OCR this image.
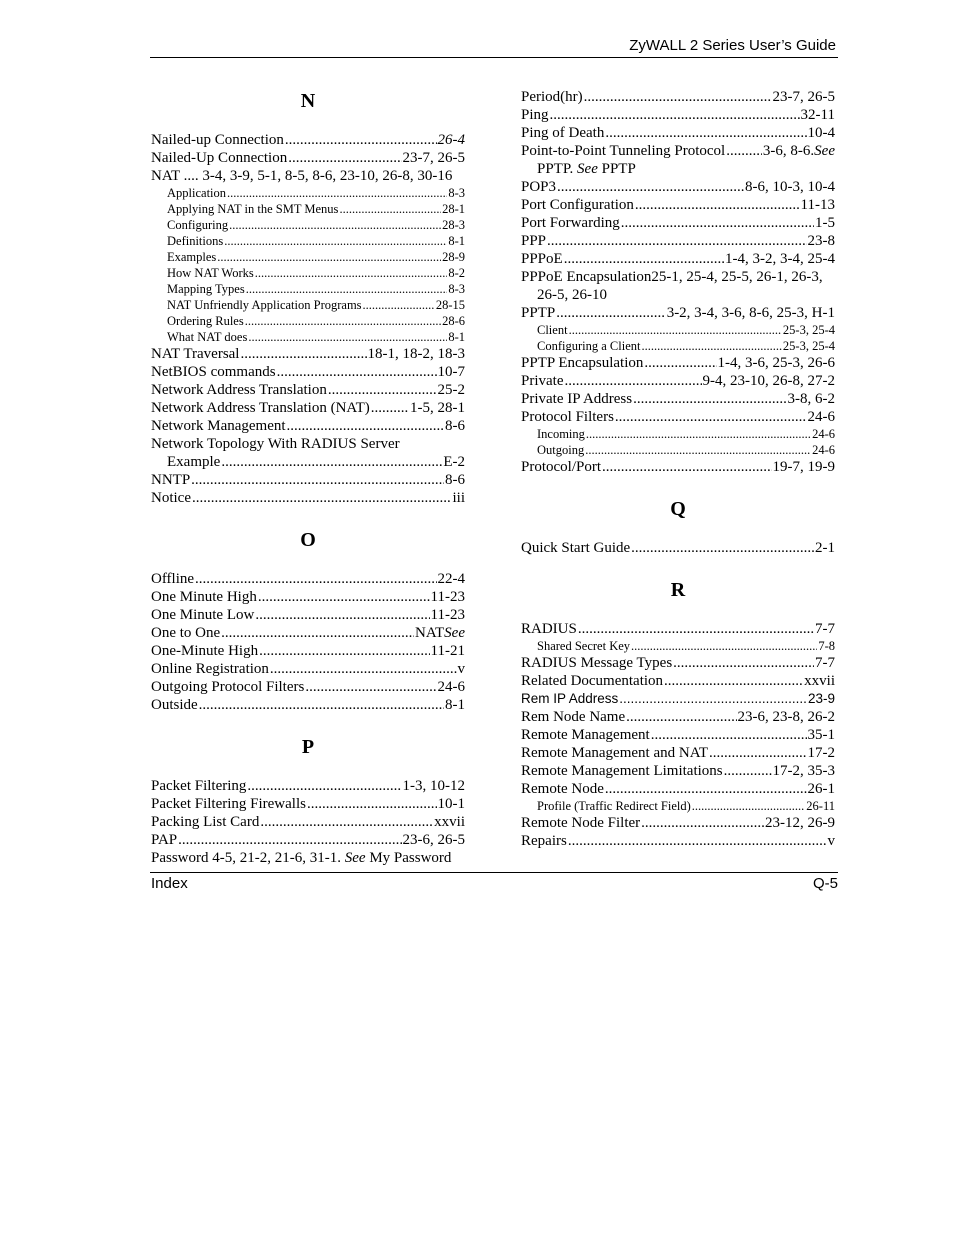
ZyWALL 2 Series User’s Guide
N
Nailed-up Connection .....	26-4
Nailed-Up Connection .....	23-7, 26-5
NAT .... 3-4, 3-9, 5-1, 8-5, 8-6, 23-10, 26-8, 30-16
Application .....	8-3
Applying NAT in the SMT Menus .....	28-1
Configuring .....	28-3
Definitions .....	8-1
Examples .....	28-9
How NAT Works .....	8-2
Mapping Types .....	8-3
NAT Unfriendly Application Programs .....	28-15
Ordering Rules .....	28-6
What NAT does .....	8-1
NAT Traversal .....	18-1, 18-2, 18-3
NetBIOS commands .....	10-7
Network Address Translation .....	25-2
Network Address Translation (NAT) .....	1-5, 28-1
Network Management .....	8-6
Network Topology With RADIUS Server
Example .....	E-2
NNTP .....	8-6
Notice .....	iii
O
Offline .....	22-4
One Minute High .....	11-23
One Minute Low .....	11-23
One to One .....	NAT See
One-Minute High .....	11-21
Online Registration .....	v
Outgoing Protocol Filters .....	24-6
Outside .....	8-1
P
Packet Filtering .....	1-3, 10-12
Packet Filtering Firewalls .....	10-1
Packing List Card .....	xxvii
PAP .....	23-6, 26-5
Password 4-5, 21-2, 21-6, 31-1.
See
My Password
Period(hr) .....	23-7, 26-5
Ping .....	32-11
Ping of Death .....	10-4
Point-to-Point Tunneling Protocol .....	3-6, 8-6. See
PPTP.
See
PPTP
POP3 .....	8-6, 10-3, 10-4
Port Configuration .....	11-13
Port Forwarding .....	1-5
PPP .....	23-8
PPPoE .....	1-4, 3-2, 3-4, 25-4
PPPoE Encapsulation25-1, 25-4, 25-5, 26-1, 26-3,
26-5, 26-10
PPTP .....	3-2, 3-4, 3-6, 8-6, 25-3, H-1
Client .....	25-3, 25-4
Configuring a Client .....	25-3, 25-4
PPTP Encapsulation .....	1-4, 3-6, 25-3, 26-6
Private .....	9-4, 23-10, 26-8, 27-2
Private IP Address .....	3-8, 6-2
Protocol Filters .....	24-6
Incoming .....	24-6
Outgoing .....	24-6
Protocol/Port .....	19-7, 19-9
Q
Quick Start Guide .....	2-1
R
RADIUS .....	7-7
Shared Secret Key .....	7-8
RADIUS Message Types .....	7-7
Related Documentation .....	xxvii
Rem IP Address .....	23-9
Rem Node Name .....	23-6, 23-8, 26-2
Remote Management .....	35-1
Remote Management and NAT .....	17-2
Remote Management Limitations .....	17-2, 35-3
Remote Node .....	26-1
Profile (Traffic Redirect Field) .....	26-11
Remote Node Filter .....	23-12, 26-9
Repairs .....	v
Index	Q-5
